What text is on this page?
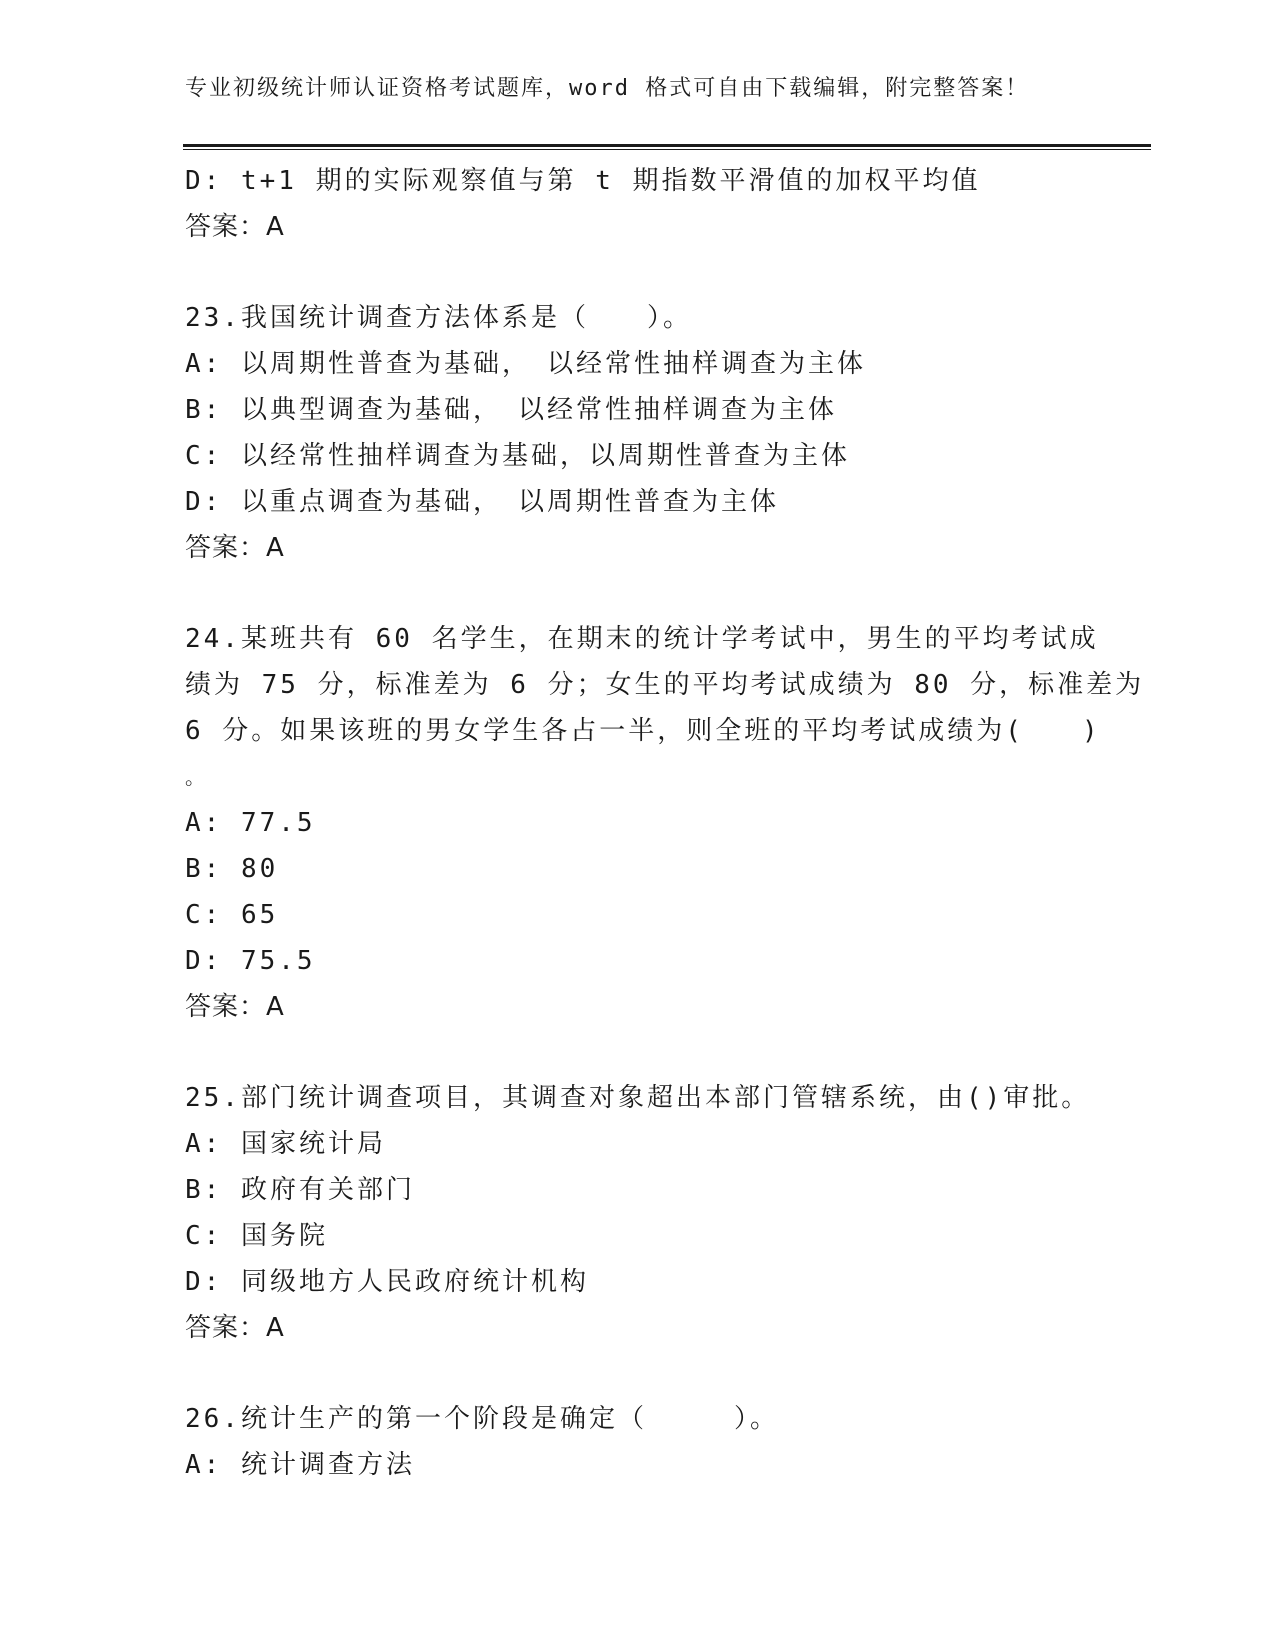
专业初级统计师认证资格考试题库，word 格式可自由下载编辑，附完整答案！
D: t+1 期的实际观察值与第 t 期指数平滑值的加权平均值
答案：A
23.我国统计调查方法体系是（　　）。
A: 以周期性普查为基础，　以经常性抽样调查为主体
B: 以典型调查为基础，　以经常性抽样调查为主体
C: 以经常性抽样调查为基础，以周期性普查为主体
D: 以重点调查为基础，　以周期性普查为主体
答案：A
24.某班共有 60 名学生，在期末的统计学考试中，男生的平均考试成
绩为 75 分，标准差为 6 分；女生的平均考试成绩为 80 分，标准差为
6 分。如果该班的男女学生各占一半，则全班的平均考试成绩为(　　)
。
A: 77.5
B: 80
C: 65
D: 75.5
答案：A
25.部门统计调查项目，其调查对象超出本部门管辖系统，由()审批。
A: 国家统计局
B: 政府有关部门
C: 国务院
D: 同级地方人民政府统计机构
答案：A
26.统计生产的第一个阶段是确定（　　　）。
A: 统计调查方法
